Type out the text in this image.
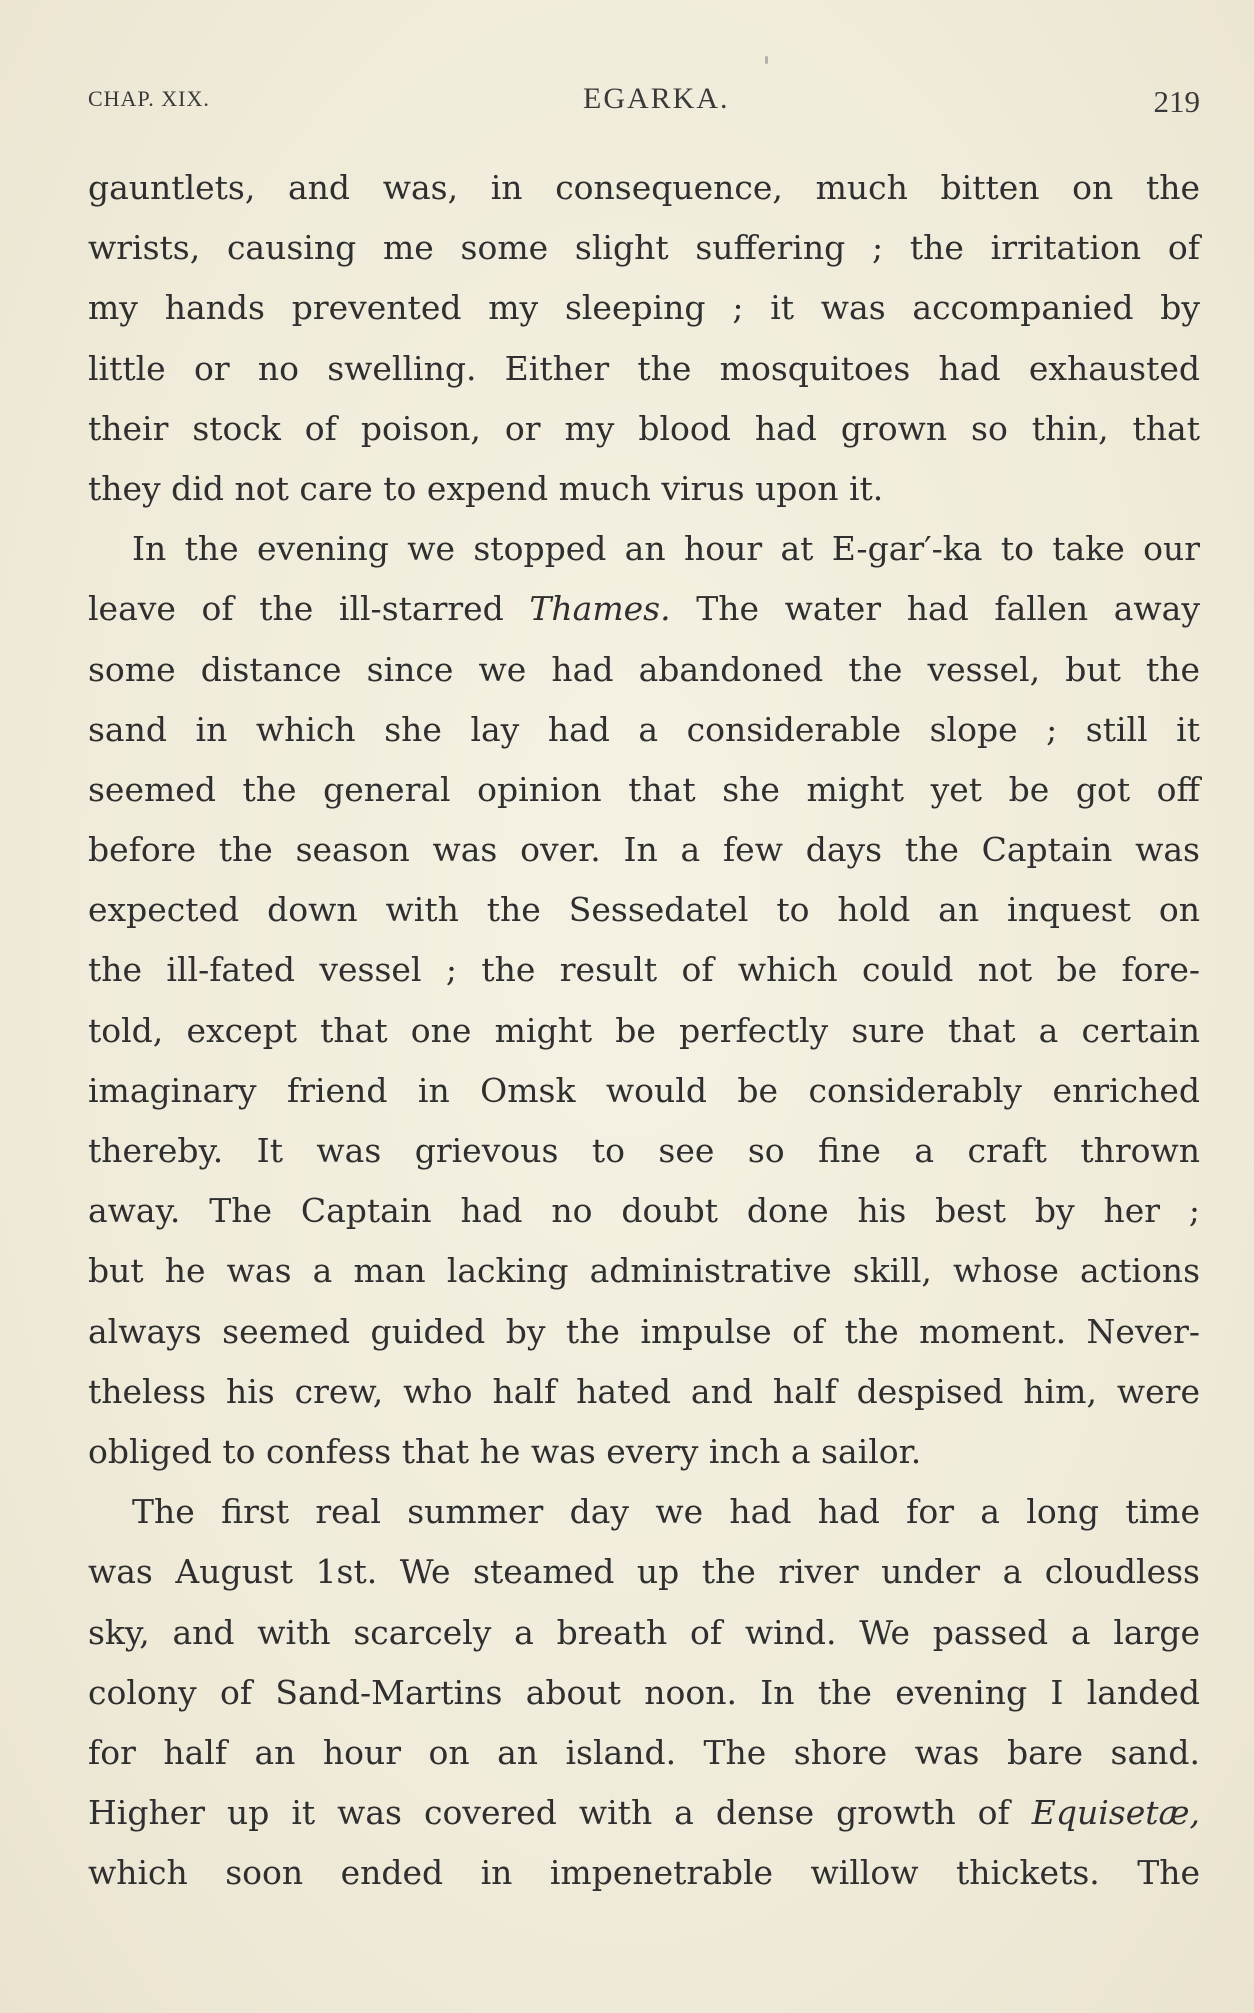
CHAP. XIX.	EGARKA.	219
gauntlets, and was, in consequence, much bitten on the
wrists, causing me some slight suffering ; the irritation of
my hands prevented my sleeping ; it was accompanied by
little or no swelling. Either the mosquitoes had exhausted
their stock of poison, or my blood had grown so thin, that
they did not care to expend much virus upon it.
In the evening we stopped an hour at E-gar′-ka to take our
leave of the ill-starred Thames. The water had fallen away
some distance since we had abandoned the vessel, but the
sand in which she lay had a considerable slope ; still it
seemed the general opinion that she might yet be got off
before the season was over. In a few days the Captain was
expected down with the Sessedatel to hold an inquest on
the ill-fated vessel ; the result of which could not be fore-
told, except that one might be perfectly sure that a certain
imaginary friend in Omsk would be considerably enriched
thereby. It was grievous to see so fine a craft thrown
away. The Captain had no doubt done his best by her ;
but he was a man lacking administrative skill, whose actions
always seemed guided by the impulse of the moment. Never-
theless his crew, who half hated and half despised him, were
obliged to confess that he was every inch a sailor.
The first real summer day we had had for a long time
was August 1st. We steamed up the river under a cloudless
sky, and with scarcely a breath of wind. We passed a large
colony of Sand-Martins about noon. In the evening I landed
for half an hour on an island. The shore was bare sand.
Higher up it was covered with a dense growth of Equisetæ,
which soon ended in impenetrable willow thickets. The
